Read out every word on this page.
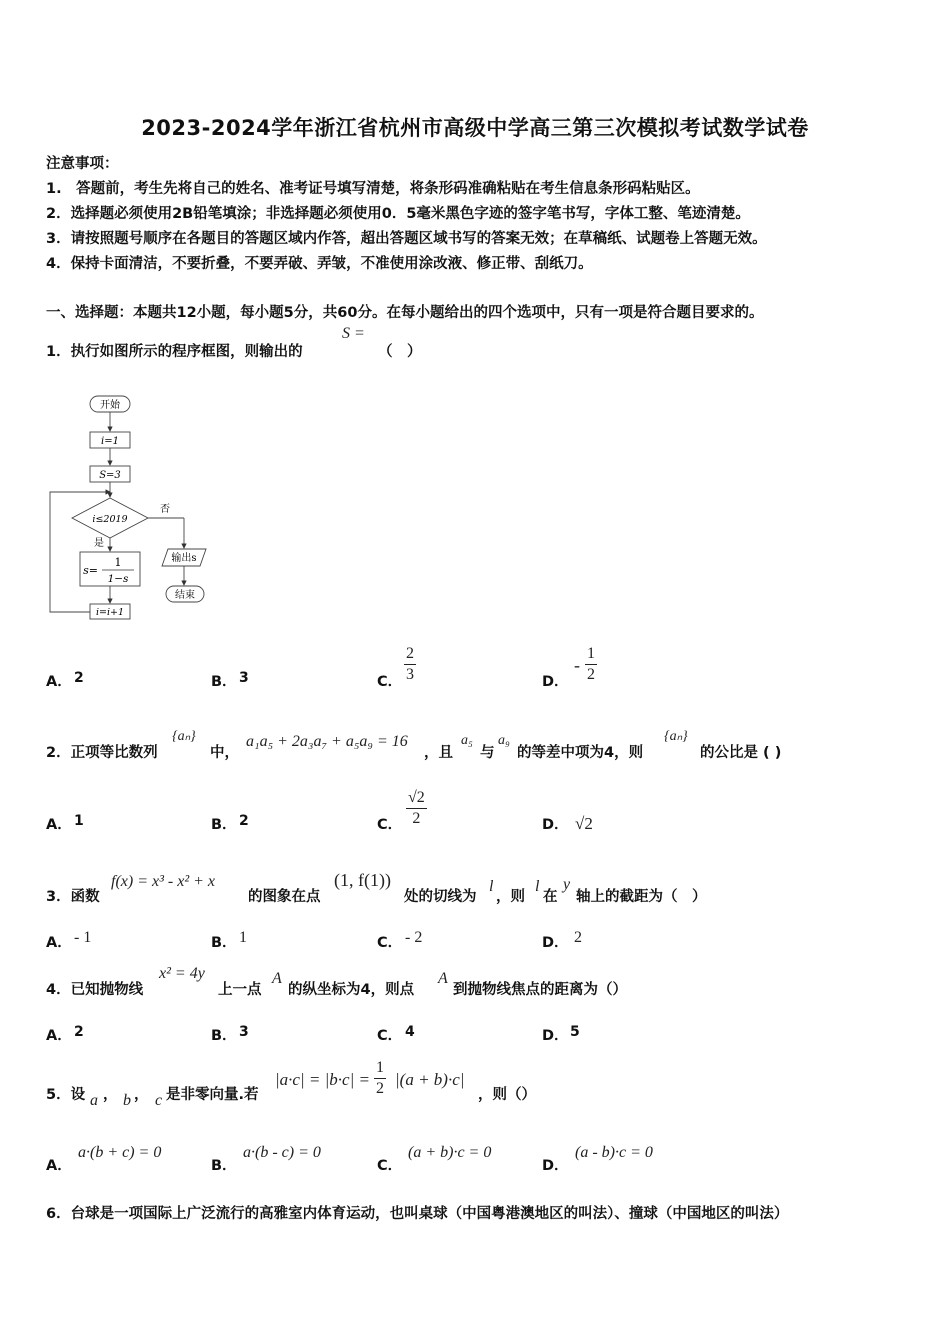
2023-2024学年浙江省杭州市高级中学高三第三次模拟考试数学试卷
注意事项：
1.　答题前，考生先将自己的姓名、准考证号填写清楚，将条形码准确粘贴在考生信息条形码粘贴区。
2．选择题必须使用2B铅笔填涂；非选择题必须使用0．5毫米黑色字迹的签字笔书写，字体工整、笔迹清楚。
3．请按照题号顺序在各题目的答题区域内作答，超出答题区域书写的答案无效；在草稿纸、试题卷上答题无效。
4．保持卡面清洁，不要折叠，不要弄破、弄皱，不准使用涂改液、修正带、刮纸刀。
一、选择题：本题共12小题，每小题5分，共60分。在每小题给出的四个选项中，只有一项是符合题目要求的。
1．执行如图所示的程序框图，则输出的
S =
（　）
开始
i=1
S=3
i≤2019
否
输出s
结束
是
s=
1
1−s
i=i+1
A． 2	B． 3	C． $\frac{2}{3}$	D．
- $\frac{1}{2}$
2．正项等比数列
{aₙ}
中，
a₁a₅ + 2a₃a₇ + a₅a₉ = 16
，且
a₅
与
a₉
的等差中项为4，则
{aₙ}
的公比是 ( )
A． 1	B． 2	C． $\frac{√2}{2}$	D． √2
3．函数
f(x) = x³ - x² + x
的图象在点
(1, f(1))
处的切线为
l
，则
l
在
y
轴上的截距为（　）
A． - 1	B． 1	C． - 2	D． 2
4．已知抛物线
x² = 4y
上一点
A
的纵坐标为4，则点
A
到抛物线焦点的距离为（）
A． 2	B． 3	C． 4	D． 5
5．设 a ， b ， c 是非零向量.若
$|a\cdot c| = |b\cdot c| = \frac{1}{2} |(a + b)\cdot c|$
，则（）
A．
a·(b + c) = 0
B．
a·(b - c) = 0
C．
(a + b)·c = 0
D．
(a - b)·c = 0
6．台球是一项国际上广泛流行的高雅室内体育运动，也叫桌球（中国粤港澳地区的叫法）、撞球（中国地区的叫法）
